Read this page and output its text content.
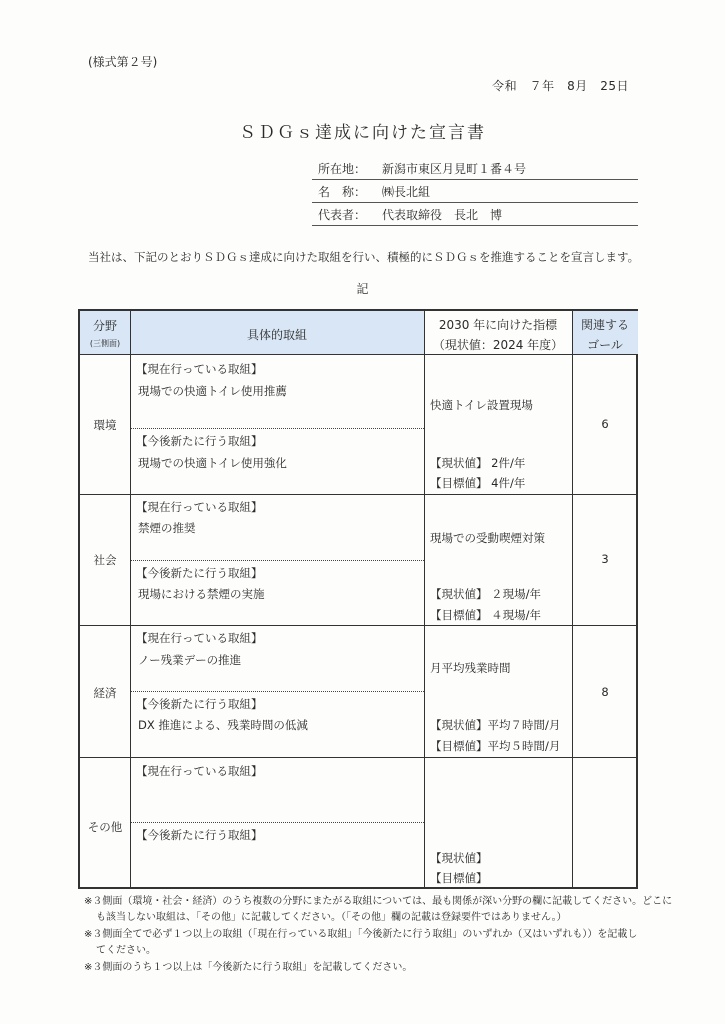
(様式第２号)
令和　７年　8月　25日
ＳＤＧｓ達成に向けた宣言書
所在地： 新潟市東区月見町１番４号
名　称： ㈱長北組
代表者： 代表取締役　長北　博
当社は、下記のとおりＳＤＧｓ達成に向けた取組を行い、積極的にＳＤＧｓを推進することを宣言します。
記
分野
(三側面)
具体的取組
2030 年に向けた指標
（現状値：2024 年度）
関連する
ゴール
環境
【現在行っている取組】
現場での快適トイレ使用推薦
【今後新たに行う取組】
現場での快適トイレ使用強化
快適トイレ設置現場
【現状値】 2件/年
【目標値】 4件/年
6
社会
【現在行っている取組】
禁煙の推奨
【今後新たに行う取組】
現場における禁煙の実施
現場での受動喫煙対策
【現状値】 ２現場/年
【目標値】 ４現場/年
3
経済
【現在行っている取組】
ノー残業デーの推進
【今後新たに行う取組】
DX 推進による、残業時間の低減
月平均残業時間
【現状値】平均７時間/月
【目標値】平均５時間/月
8
その他
【現在行っている取組】
【今後新たに行う取組】
【現状値】
【目標値】
※３側面（環境・社会・経済）のうち複数の分野にまたがる取組については、最も関係が深い分野の欄に記載してください。どこに
も該当しない取組は、「その他」に記載してください。（「その他」欄の記載は登録要件ではありません。）
※３側面全てで必ず１つ以上の取組（「現在行っている取組」「今後新たに行う取組」のいずれか（又はいずれも））を記載し
てください。
※３側面のうち１つ以上は「今後新たに行う取組」を記載してください。
